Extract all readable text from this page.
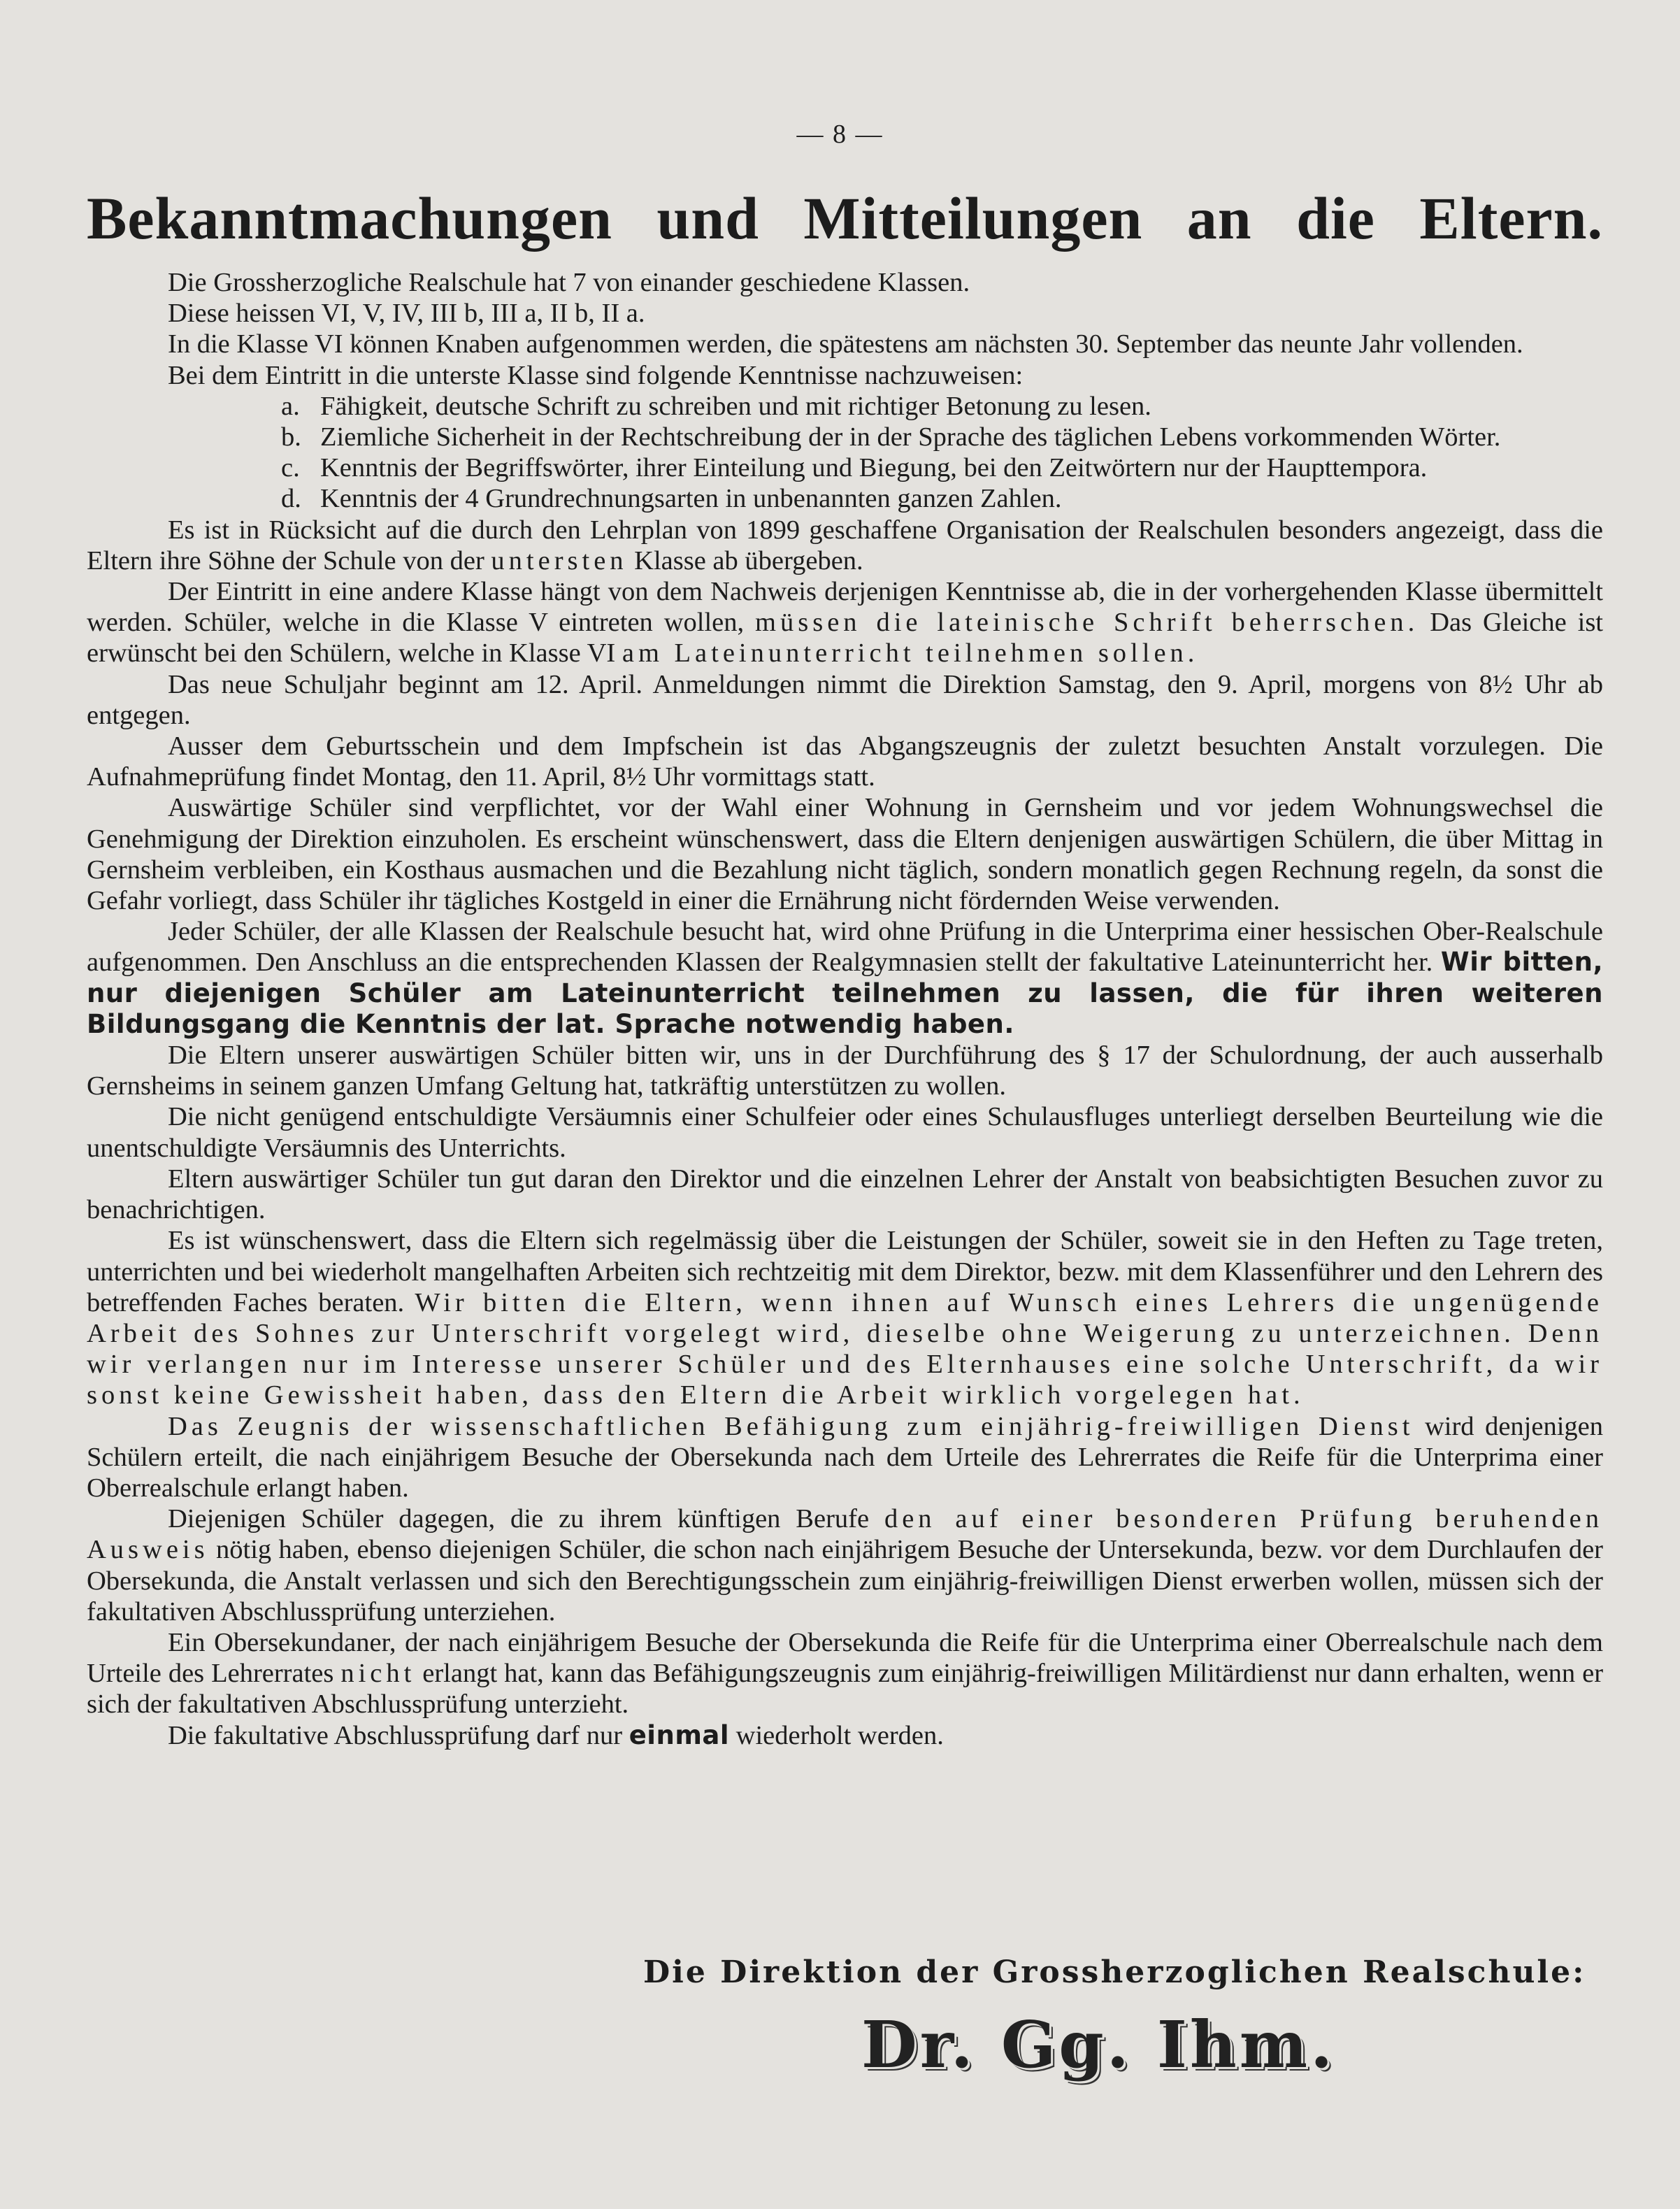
— 8 —
Bekanntmachungen und Mitteilungen an die Eltern.

Die Grossherzogliche Realschule hat 7 von einander geschiedene Klassen.

Diese heissen VI, V, IV, III b, III a, II b, II a.

In die Klasse VI können Knaben aufgenommen werden, die spätestens am nächsten 30. September das neunte Jahr vollenden.

Bei dem Eintritt in die unterste Klasse sind folgende Kenntnisse nachzuweisen:

a. Fähigkeit, deutsche Schrift zu schreiben und mit richtiger Betonung zu lesen.

b. Ziemliche Sicherheit in der Rechtschreibung der in der Sprache des täglichen Lebens vorkommenden Wörter.

c. Kenntnis der Begriffswörter, ihrer Einteilung und Biegung, bei den Zeitwörtern nur der Haupttempora.

d. Kenntnis der 4 Grundrechnungsarten in unbenannten ganzen Zahlen.

Es ist in Rücksicht auf die durch den Lehrplan von 1899 geschaffene Organisation der Realschulen besonders angezeigt, dass die Eltern ihre Söhne der Schule von der untersten Klasse ab übergeben.

Der Eintritt in eine andere Klasse hängt von dem Nachweis derjenigen Kenntnisse ab, die in der vorhergehenden Klasse übermittelt werden. Schüler, welche in die Klasse V eintreten wollen, müssen die lateinische Schrift beherrschen. Das Gleiche ist erwünscht bei den Schülern, welche in Klasse VI am Lateinunterricht teilnehmen sollen.

Das neue Schuljahr beginnt am 12. April. Anmeldungen nimmt die Direktion Samstag, den 9. April, morgens von 8½ Uhr ab entgegen.

Ausser dem Geburtsschein und dem Impfschein ist das Abgangszeugnis der zuletzt besuchten Anstalt vorzulegen. Die Aufnahmeprüfung findet Montag, den 11. April, 8½ Uhr vormittags statt.

Auswärtige Schüler sind verpflichtet, vor der Wahl einer Wohnung in Gernsheim und vor jedem Wohnungswechsel die Genehmigung der Direktion einzuholen. Es erscheint wünschenswert, dass die Eltern denjenigen auswärtigen Schülern, die über Mittag in Gernsheim verbleiben, ein Kosthaus ausmachen und die Bezahlung nicht täglich, sondern monatlich gegen Rechnung regeln, da sonst die Gefahr vorliegt, dass Schüler ihr tägliches Kostgeld in einer die Ernährung nicht fördernden Weise verwenden.

Jeder Schüler, der alle Klassen der Realschule besucht hat, wird ohne Prüfung in die Unterprima einer hessischen Ober-Realschule aufgenommen. Den Anschluss an die entsprechenden Klassen der Realgymnasien stellt der fakultative Lateinunterricht her. Wir bitten, nur diejenigen Schüler am Lateinunterricht teilnehmen zu lassen, die für ihren weiteren Bildungsgang die Kenntnis der lat. Sprache notwendig haben.

Die Eltern unserer auswärtigen Schüler bitten wir, uns in der Durchführung des § 17 der Schulordnung, der auch ausserhalb Gernsheims in seinem ganzen Umfang Geltung hat, tatkräftig unterstützen zu wollen.

Die nicht genügend entschuldigte Versäumnis einer Schulfeier oder eines Schulausfluges unterliegt derselben Beurteilung wie die unentschuldigte Versäumnis des Unterrichts.

Eltern auswärtiger Schüler tun gut daran den Direktor und die einzelnen Lehrer der Anstalt von beabsichtigten Besuchen zuvor zu benachrichtigen.

Es ist wünschenswert, dass die Eltern sich regelmässig über die Leistungen der Schüler, soweit sie in den Heften zu Tage treten, unterrichten und bei wiederholt mangelhaften Arbeiten sich rechtzeitig mit dem Direktor, bezw. mit dem Klassenführer und den Lehrern des betreffenden Faches beraten. Wir bitten die Eltern, wenn ihnen auf Wunsch eines Lehrers die ungenügende Arbeit des Sohnes zur Unterschrift vorgelegt wird, dieselbe ohne Weigerung zu unterzeichnen. Denn wir verlangen nur im Interesse unserer Schüler und des Elternhauses eine solche Unterschrift, da wir sonst keine Gewissheit haben, dass den Eltern die Arbeit wirklich vorgelegen hat.

Das Zeugnis der wissenschaftlichen Befähigung zum einjährig-freiwilligen Dienst wird denjenigen Schülern erteilt, die nach einjährigem Besuche der Obersekunda nach dem Urteile des Lehrerrates die Reife für die Unterprima einer Oberrealschule erlangt haben.

Diejenigen Schüler dagegen, die zu ihrem künftigen Berufe den auf einer besonderen Prüfung beruhenden Ausweis nötig haben, ebenso diejenigen Schüler, die schon nach einjährigem Besuche der Untersekunda, bezw. vor dem Durchlaufen der Obersekunda, die Anstalt verlassen und sich den Berechtigungsschein zum einjährig-freiwilligen Dienst erwerben wollen, müssen sich der fakultativen Abschlussprüfung unterziehen.

Ein Obersekundaner, der nach einjährigem Besuche der Obersekunda die Reife für die Unterprima einer Oberrealschule nach dem Urteile des Lehrerrates nicht erlangt hat, kann das Befähigungszeugnis zum einjährig-freiwilligen Militärdienst nur dann erhalten, wenn er sich der fakultativen Abschlussprüfung unterzieht.

Die fakultative Abschlussprüfung darf nur einmal wiederholt werden.

Die Direktion der Grossherzoglichen Realschule:
Dr. Gg. Ihm.
